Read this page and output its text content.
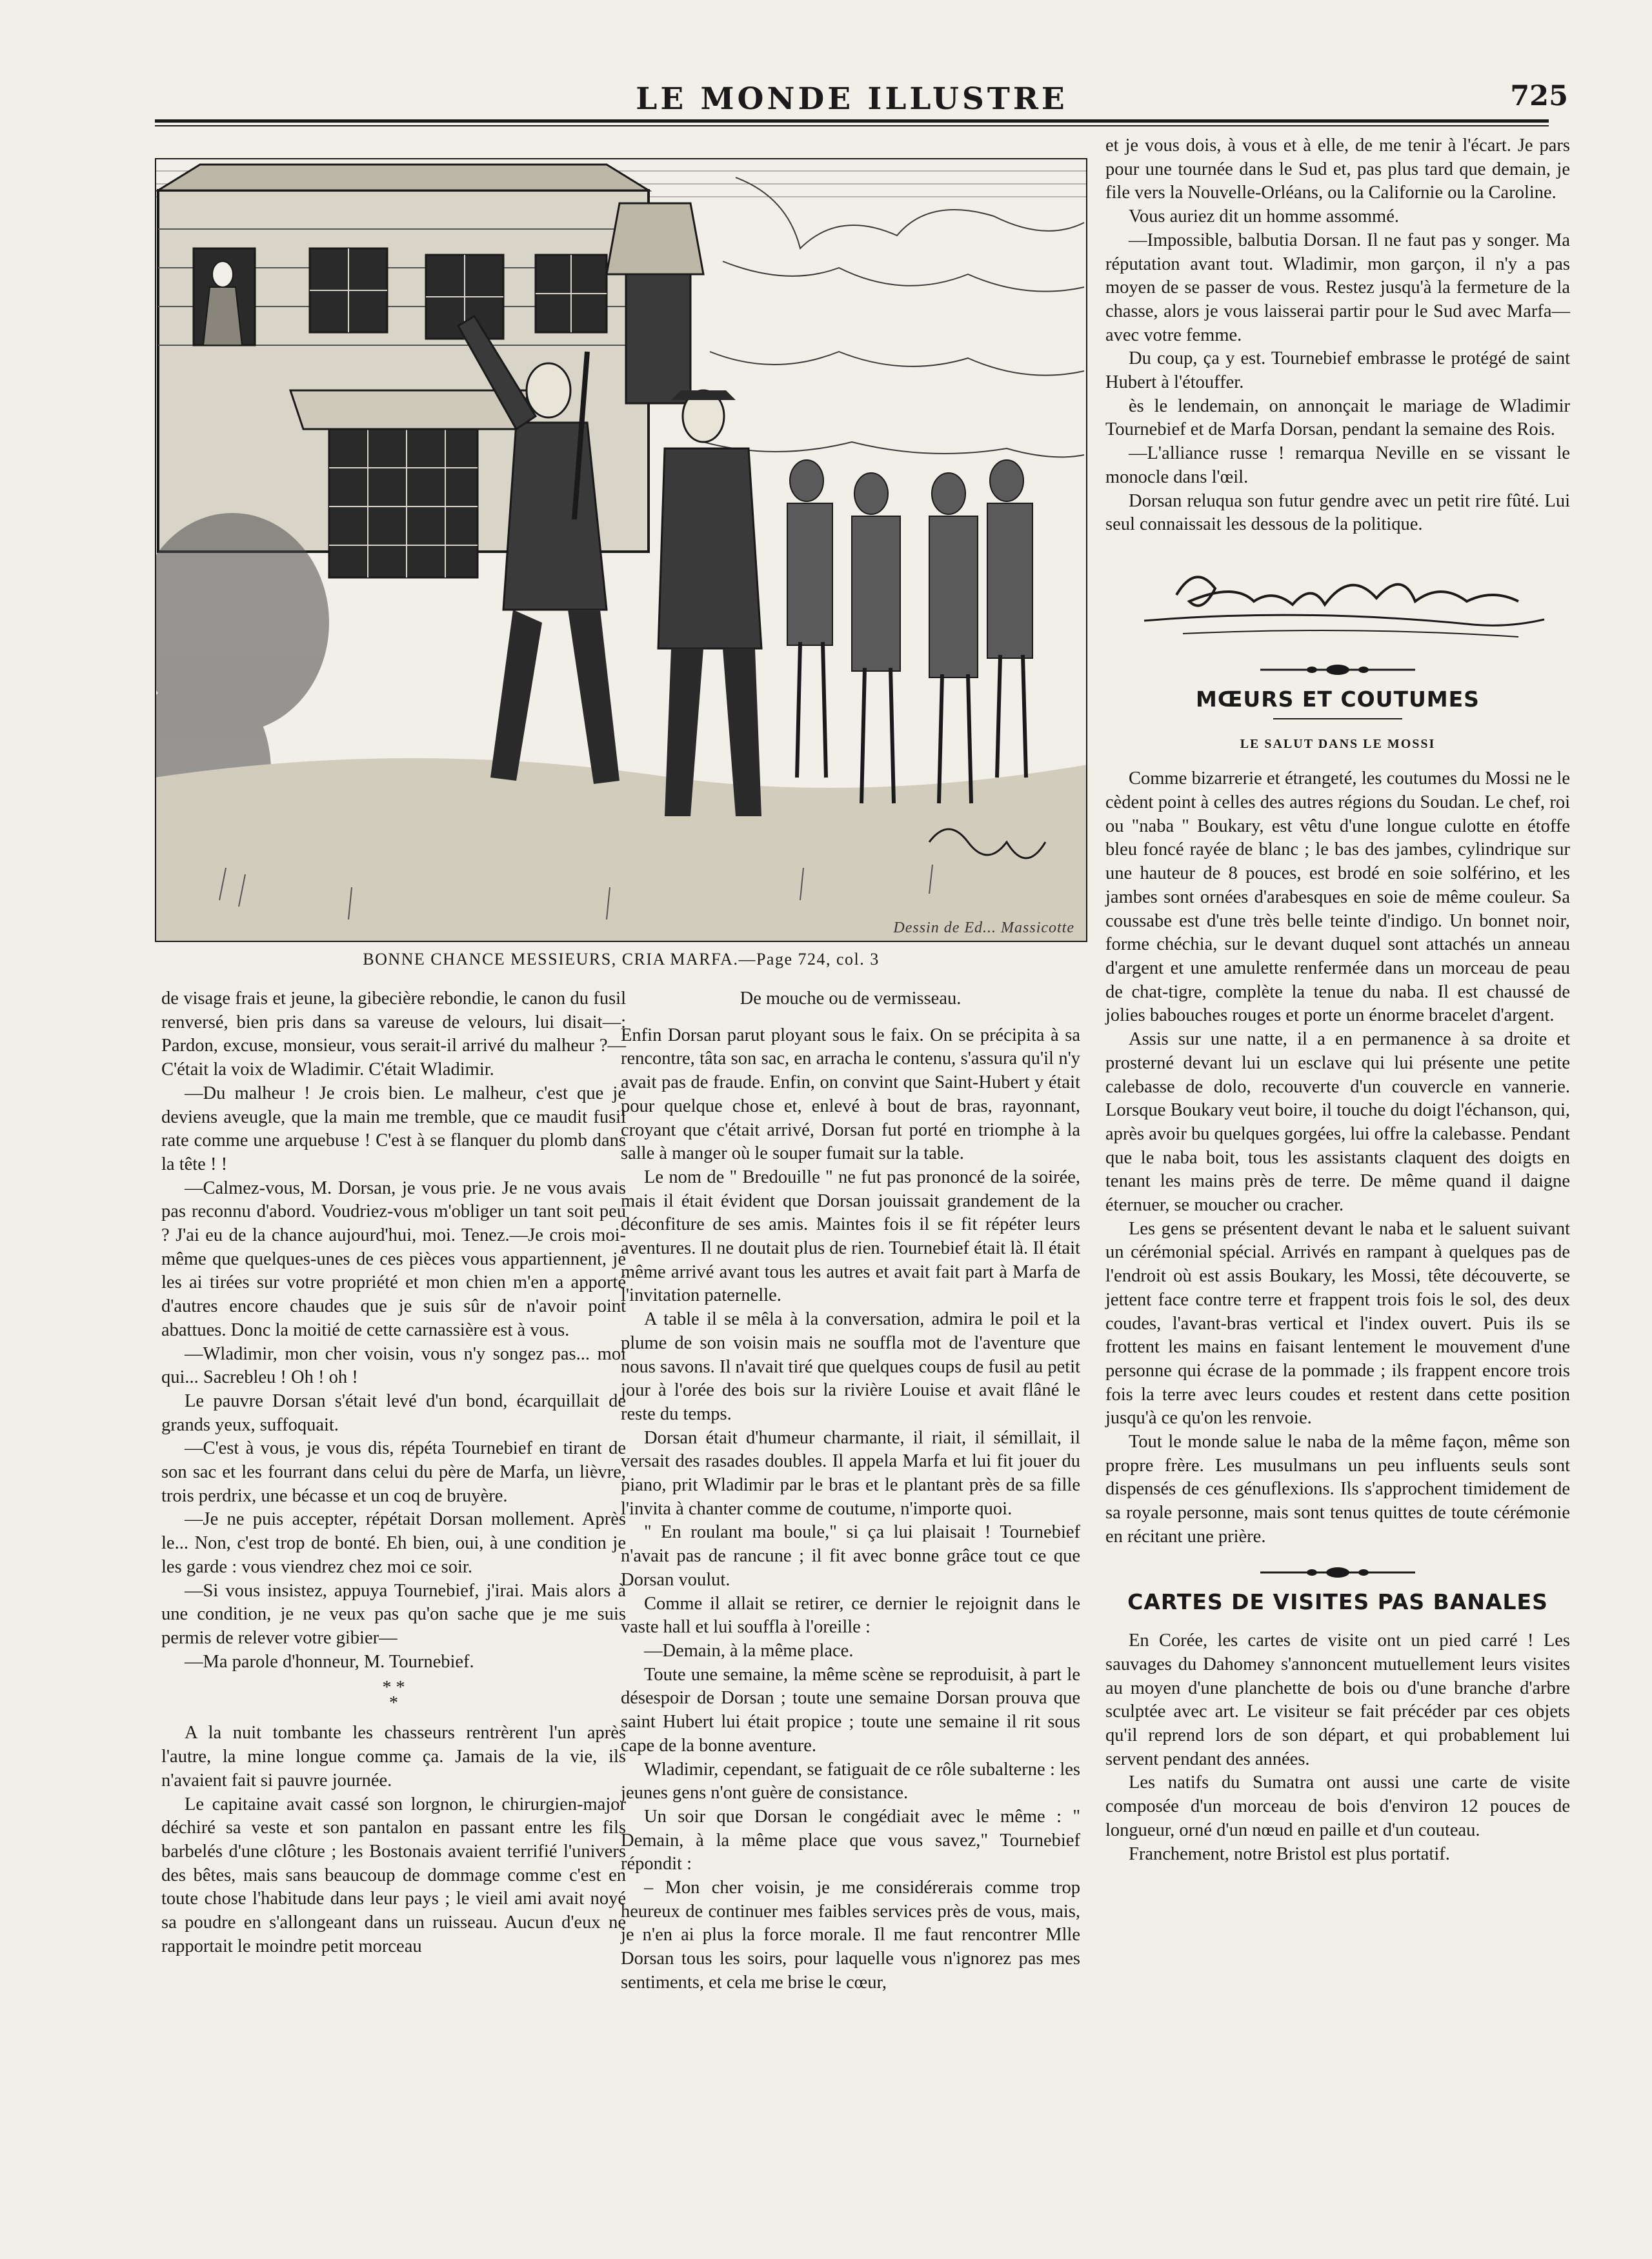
LE MONDE ILLUSTRE	725
Dessin de Ed... Massicotte
BONNE CHANCE MESSIEURS, CRIA MARFA.—Page 724, col. 3

de visage frais et jeune, la gibecière rebondie, le canon du fusil renversé, bien pris dans sa vareuse de velours, lui disait—: Pardon, excuse, monsieur, vous serait-il arrivé du malheur ?—C'était la voix de Wladimir. C'était Wladimir.

—Du malheur ! Je crois bien. Le malheur, c'est que je deviens aveugle, que la main me tremble, que ce maudit fusil rate comme une arquebuse ! C'est à se flanquer du plomb dans la tête ! !

—Calmez-vous, M. Dorsan, je vous prie. Je ne vous avais pas reconnu d'abord. Voudriez-vous m'obliger un tant soit peu ? J'ai eu de la chance aujourd'hui, moi. Tenez.—Je crois moi-même que quelques-unes de ces pièces vous appartiennent, je les ai tirées sur votre propriété et mon chien m'en a apporté d'autres encore chaudes que je suis sûr de n'avoir point abattues. Donc la moitié de cette carnassière est à vous.

—Wladimir, mon cher voisin, vous n'y songez pas... moi qui... Sacrebleu ! Oh ! oh !

Le pauvre Dorsan s'était levé d'un bond, écarquillait de grands yeux, suffoquait.

—C'est à vous, je vous dis, répéta Tournebief en tirant de son sac et les fourrant dans celui du père de Marfa, un lièvre, trois perdrix, une bécasse et un coq de bruyère.

—Je ne puis accepter, répétait Dorsan mollement. Après le... Non, c'est trop de bonté. Eh bien, oui, à une condition je les garde : vous viendrez chez moi ce soir.

—Si vous insistez, appuya Tournebief, j'irai. Mais alors à une condition, je ne veux pas qu'on sache que je me suis permis de relever votre gibier—

—Ma parole d'honneur, M. Tournebief.

* *
*

A la nuit tombante les chasseurs rentrèrent l'un après l'autre, la mine longue comme ça. Jamais de la vie, ils n'avaient fait si pauvre journée.

Le capitaine avait cassé son lorgnon, le chirurgien-major déchiré sa veste et son pantalon en passant entre les fils barbelés d'une clôture ; les Bostonais avaient terrifié l'univers des bêtes, mais sans beaucoup de dommage comme c'est en toute chose l'habitude dans leur pays ; le vieil ami avait noyé sa poudre en s'allongeant dans un ruisseau. Aucun d'eux ne rapportait le moindre petit morceau

De mouche ou de vermisseau.

Enfin Dorsan parut ployant sous le faix. On se précipita à sa rencontre, tâta son sac, en arracha le contenu, s'assura qu'il n'y avait pas de fraude. Enfin, on convint que Saint-Hubert y était pour quelque chose et, enlevé à bout de bras, rayonnant, croyant que c'était arrivé, Dorsan fut porté en triomphe à la salle à manger où le souper fumait sur la table.

Le nom de " Bredouille " ne fut pas prononcé de la soirée, mais il était évident que Dorsan jouissait grandement de la déconfiture de ses amis. Maintes fois il se fit répéter leurs aventures. Il ne doutait plus de rien. Tournebief était là. Il était même arrivé avant tous les autres et avait fait part à Marfa de l'invitation paternelle.

A table il se mêla à la conversation, admira le poil et la plume de son voisin mais ne souffla mot de l'aventure que nous savons. Il n'avait tiré que quelques coups de fusil au petit jour à l'orée des bois sur la rivière Louise et avait flâné le reste du temps.

Dorsan était d'humeur charmante, il riait, il sémillait, il versait des rasades doubles. Il appela Marfa et lui fit jouer du piano, prit Wladimir par le bras et le plantant près de sa fille l'invita à chanter comme de coutume, n'importe quoi.

" En roulant ma boule," si ça lui plaisait ! Tournebief n'avait pas de rancune ; il fit avec bonne grâce tout ce que Dorsan voulut.

Comme il allait se retirer, ce dernier le rejoignit dans le vaste hall et lui souffla à l'oreille :

—Demain, à la même place.

Toute une semaine, la même scène se reproduisit, à part le désespoir de Dorsan ; toute une semaine Dorsan prouva que saint Hubert lui était propice ; toute une semaine il rit sous cape de la bonne aventure.

Wladimir, cependant, se fatiguait de ce rôle subalterne : les jeunes gens n'ont guère de consistance.

Un soir que Dorsan le congédiait avec le même : " Demain, à la même place que vous savez," Tournebief répondit :

– Mon cher voisin, je me considérerais comme trop heureux de continuer mes faibles services près de vous, mais, je n'en ai plus la force morale. Il me faut rencontrer Mlle Dorsan tous les soirs, pour laquelle vous n'ignorez pas mes sentiments, et cela me brise le cœur,

et je vous dois, à vous et à elle, de me tenir à l'écart. Je pars pour une tournée dans le Sud et, pas plus tard que demain, je file vers la Nouvelle-Orléans, ou la Californie ou la Caroline.

Vous auriez dit un homme assommé.

—Impossible, balbutia Dorsan. Il ne faut pas y songer. Ma réputation avant tout. Wladimir, mon garçon, il n'y a pas moyen de se passer de vous. Restez jusqu'à la fermeture de la chasse, alors je vous laisserai partir pour le Sud avec Marfa—avec votre femme.

Du coup, ça y est. Tournebief embrasse le protégé de saint Hubert à l'étouffer.

ès le lendemain, on annonçait le mariage de Wladimir Tournebief et de Marfa Dorsan, pendant la semaine des Rois.

—L'alliance russe ! remarqua Neville en se vissant le monocle dans l'œil.

Dorsan reluqua son futur gendre avec un petit rire fûté. Lui seul connaissait les dessous de la politique.

MŒURS ET COUTUMES
LE SALUT DANS LE MOSSI

Comme bizarrerie et étrangeté, les coutumes du Mossi ne le cèdent point à celles des autres régions du Soudan. Le chef, roi ou "naba " Boukary, est vêtu d'une longue culotte en étoffe bleu foncé rayée de blanc ; le bas des jambes, cylindrique sur une hauteur de 8 pouces, est brodé en soie solférino, et les jambes sont ornées d'arabesques en soie de même couleur. Sa coussabe est d'une très belle teinte d'indigo. Un bonnet noir, forme chéchia, sur le devant duquel sont attachés un anneau d'argent et une amulette renfermée dans un morceau de peau de chat-tigre, complète la tenue du naba. Il est chaussé de jolies babouches rouges et porte un énorme bracelet d'argent.

Assis sur une natte, il a en permanence à sa droite et prosterné devant lui un esclave qui lui présente une petite calebasse de dolo, recouverte d'un couvercle en vannerie. Lorsque Boukary veut boire, il touche du doigt l'échanson, qui, après avoir bu quelques gorgées, lui offre la calebasse. Pendant que le naba boit, tous les assistants claquent des doigts en tenant les mains près de terre. De même quand il daigne éternuer, se moucher ou cracher.

Les gens se présentent devant le naba et le saluent suivant un cérémonial spécial. Arrivés en rampant à quelques pas de l'endroit où est assis Boukary, les Mossi, tête découverte, se jettent face contre terre et frappent trois fois le sol, des deux coudes, l'avant-bras vertical et l'index ouvert. Puis ils se frottent les mains en faisant lentement le mouvement d'une personne qui écrase de la pommade ; ils frappent encore trois fois la terre avec leurs coudes et restent dans cette position jusqu'à ce qu'on les renvoie.

Tout le monde salue le naba de la même façon, même son propre frère. Les musulmans un peu influents seuls sont dispensés de ces génuflexions. Ils s'approchent timidement de sa royale personne, mais sont tenus quittes de toute cérémonie en récitant une prière.

CARTES DE VISITES PAS BANALES

En Corée, les cartes de visite ont un pied carré ! Les sauvages du Dahomey s'annoncent mutuellement leurs visites au moyen d'une planchette de bois ou d'une branche d'arbre sculptée avec art. Le visiteur se fait précéder par ces objets qu'il reprend lors de son départ, et qui probablement lui servent pendant des années.

Les natifs du Sumatra ont aussi une carte de visite composée d'un morceau de bois d'environ 12 pouces de longueur, orné d'un nœud en paille et d'un couteau.

Franchement, notre Bristol est plus portatif.
